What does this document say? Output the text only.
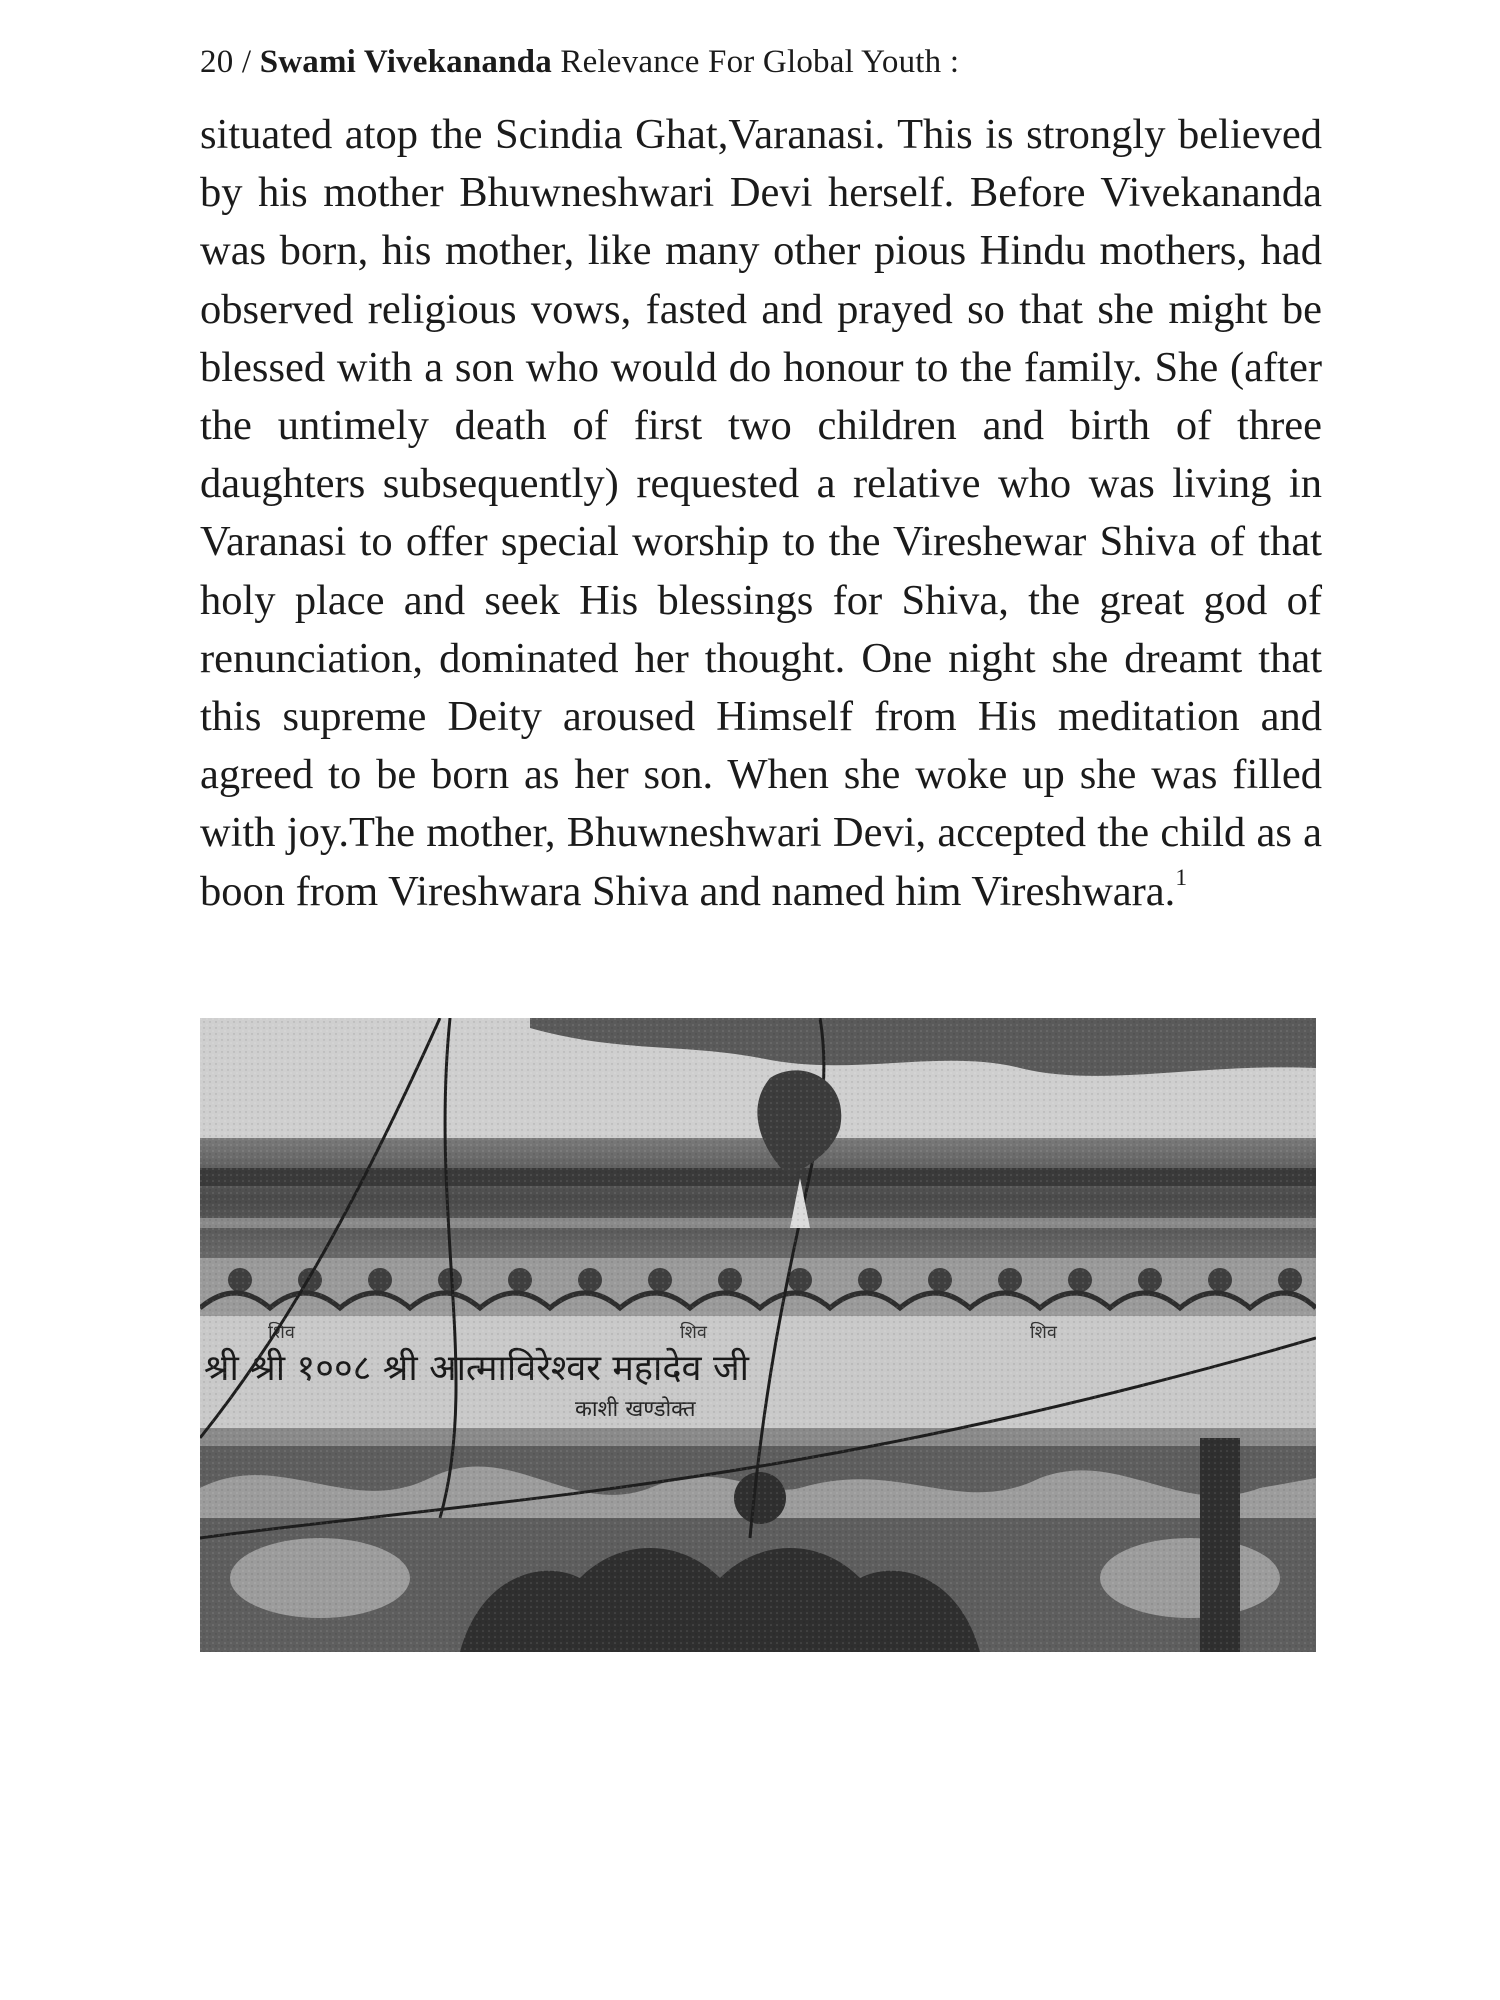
20 / Swami Vivekananda Relevance For Global Youth :

situated atop the Scindia Ghat,Varanasi. This is strongly believed by his mother Bhuwneshwari Devi herself. Before Vivekananda was born, his mother, like many other pious Hindu mothers, had observed religious vows, fasted and prayed so that she might be blessed with a son who would do honour to the family. She (after the untimely death of first two children and birth of three daughters subsequently) requested a relative who was living in Varanasi to offer special worship to the Vireshewar Shiva of that holy place and seek His blessings for Shiva, the great god of renunciation, dominated her thought. One night she dreamt that this supreme Deity aroused Himself from His meditation and agreed to be born as her son. When she woke up she was filled with joy.The mother, Bhuwneshwari Devi, accepted the child as a boon from Vireshwara Shiva and named him Vireshwara.$^1$
